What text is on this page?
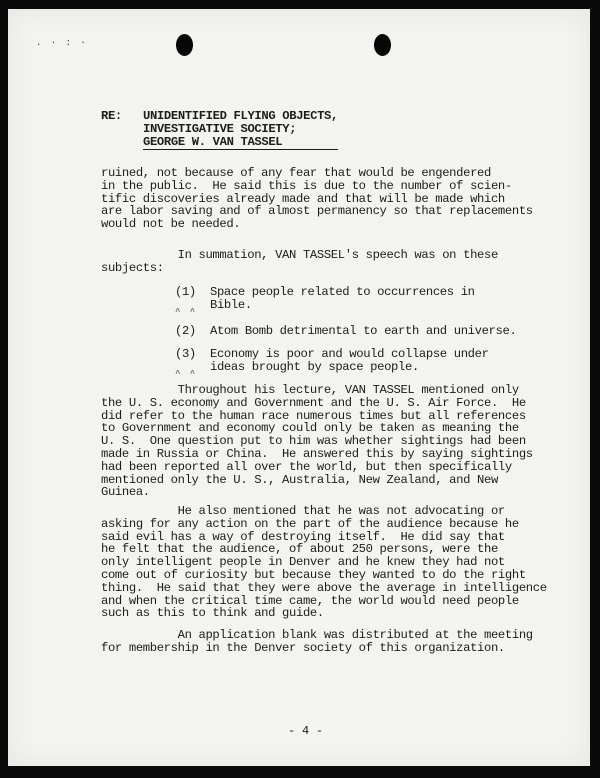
. · : ·
RE: UNIDENTIFIED FLYING OBJECTS,
INVESTIGATIVE SOCIETY;
GEORGE W. VAN TASSEL
ruined, not because of any fear that would be engendered
in the public.  He said this is due to the number of scien-
tific discoveries already made and that will be made which
are labor saving and of almost permanency so that replacements
would not be needed.
In summation, VAN TASSEL's speech was on these
subjects:

(1)

Space people related to occurrences in
Bible.

^ ^

(2)

Atom Bomb detrimental to earth and universe.

(3)

Economy is poor and would collapse under
ideas brought by space people.

^ ^
Throughout his lecture, VAN TASSEL mentioned only
the U. S. economy and Government and the U. S. Air Force.  He
did refer to the human race numerous times but all references
to Government and economy could only be taken as meaning the
U. S.  One question put to him was whether sightings had been
made in Russia or China.  He answered this by saying sightings
had been reported all over the world, but then specifically
mentioned only the U. S., Australia, New Zealand, and New
Guinea.
He also mentioned that he was not advocating or
asking for any action on the part of the audience because he
said evil has a way of destroying itself.  He did say that
he felt that the audience, of about 250 persons, were the
only intelligent people in Denver and he knew they had not
come out of curiosity but because they wanted to do the right
thing.  He said that they were above the average in intelligence
and when the critical time came, the world would need people
such as this to think and guide.
An application blank was distributed at the meeting
for membership in the Denver society of this organization.
- 4 -
